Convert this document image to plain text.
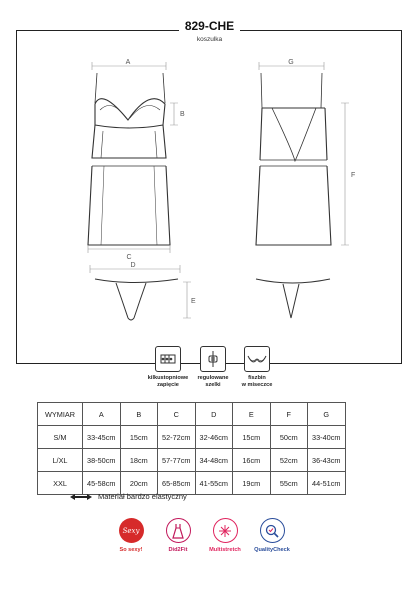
829-CHE
koszulka
A
B
C
D
E
G
F
kilkustopniowe
zapięcie
regulowane
szelki
fiszbin
w miseczce
WYMIAR	A	B	C	D	E	F	G
S/M	33-45cm	15cm	52-72cm	32-46cm	15cm	50cm	33-40cm
L/XL	38-50cm	18cm	57-77cm	34-48cm	16cm	52cm	36-43cm
XXL	45-58cm	20cm	65-85cm	41-55cm	19cm	55cm	44-51cm
Materiał bardzo elastyczny
Sexy
So sexy!	Did2Fit	Multistretch	QualityCheck
